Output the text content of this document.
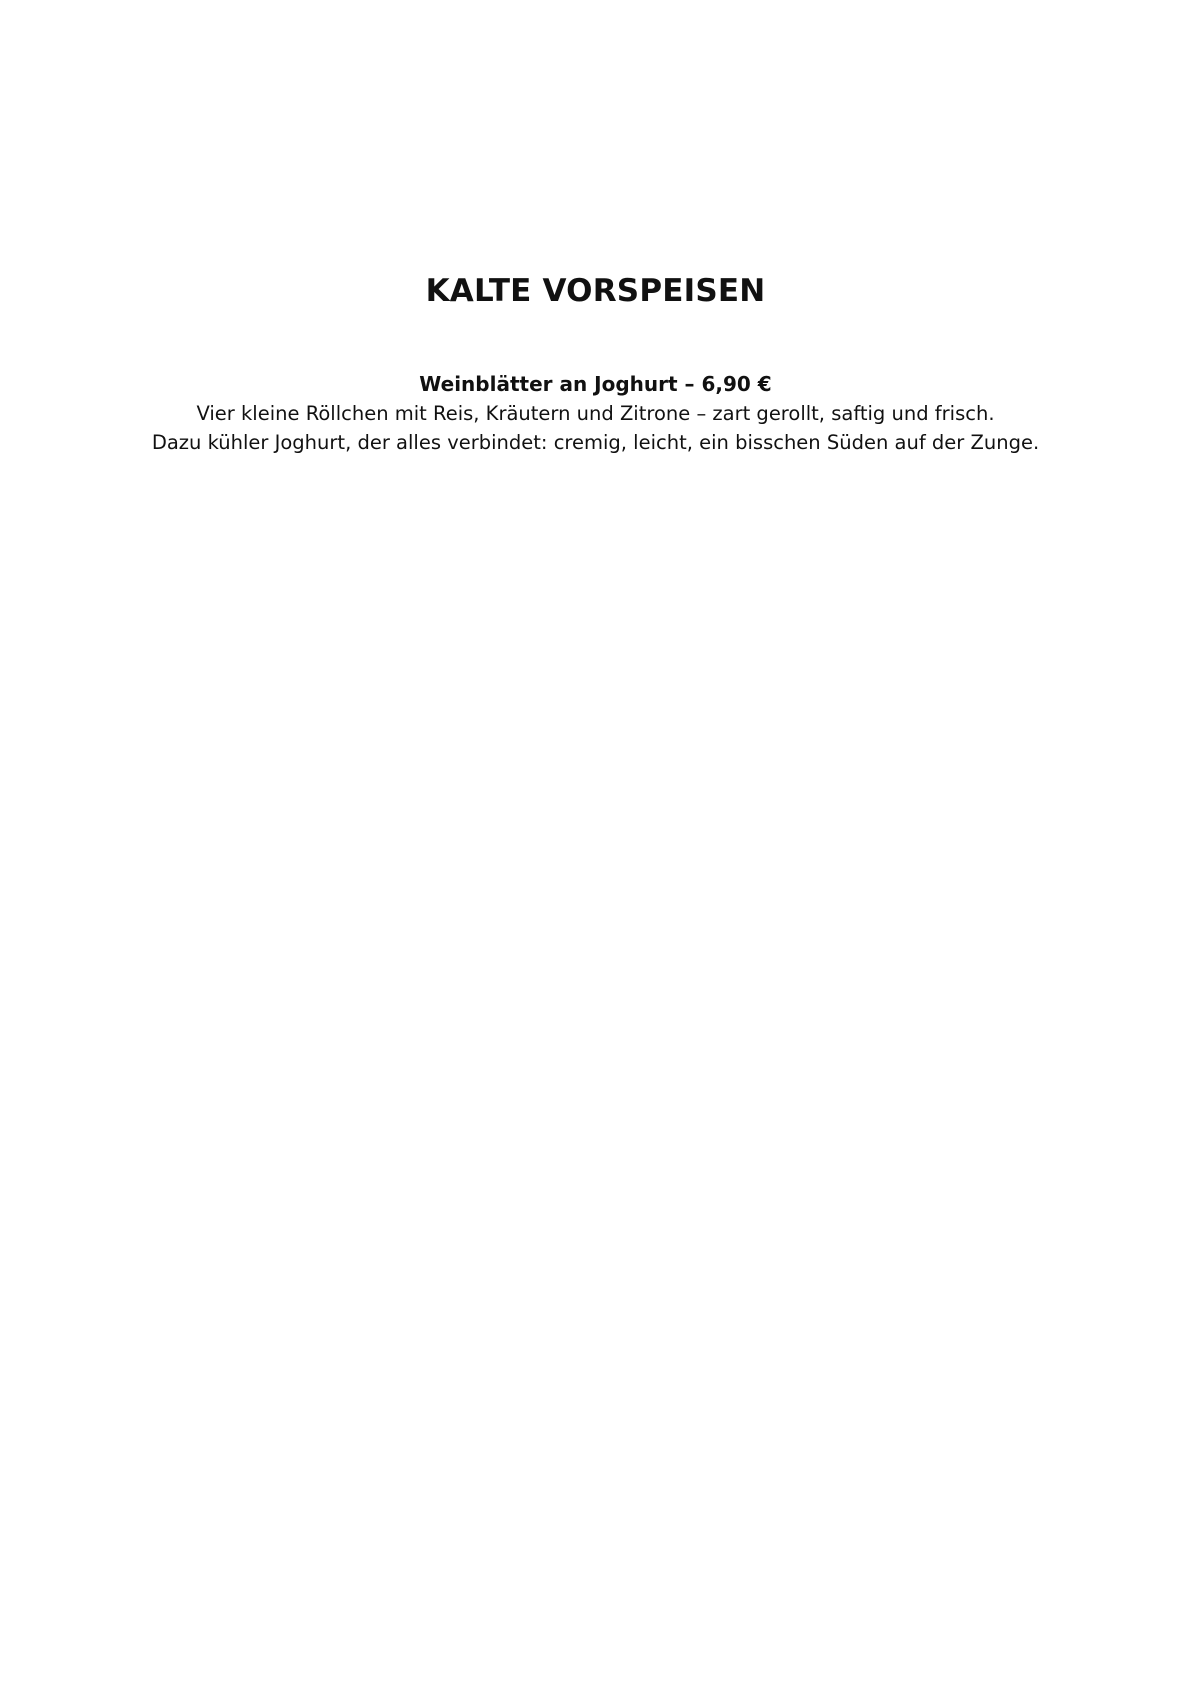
KALTE VORSPEISEN

Weinblätter an Joghurt – 6,90 €

Vier kleine Röllchen mit Reis, Kräutern und Zitrone – zart gerollt, saftig und frisch.

Dazu kühler Joghurt, der alles verbindet: cremig, leicht, ein bisschen Süden auf der Zunge.
